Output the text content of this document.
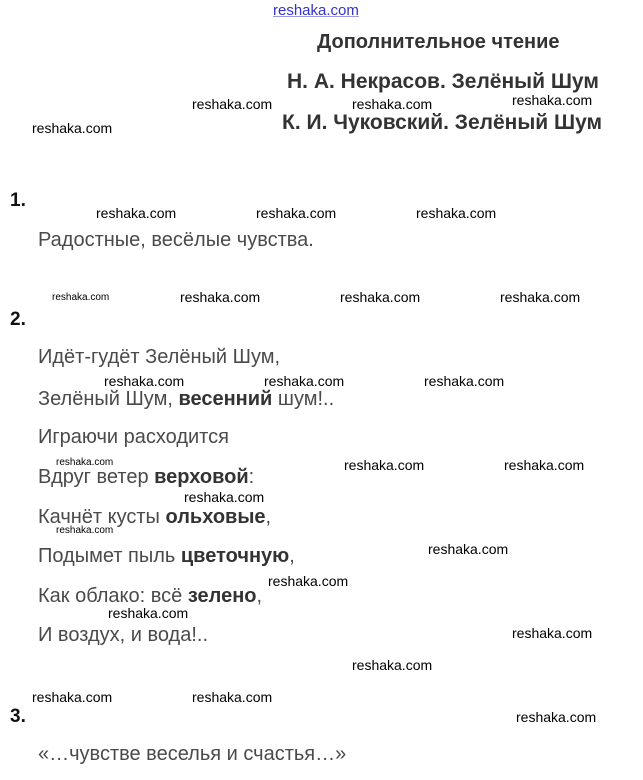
reshaka.com
Дополнительное чтение
Н. А. Некрасов. Зелёный Шум
К. И. Чуковский. Зелёный Шум
1.
Радостные, весёлые чувства.
2.
Идёт-гудёт Зелёный Шум,
Зелёный Шум, весенний шум!..
Играючи расходится
Вдруг ветер верховой:
Качнёт кусты ольховые,
Подымет пыль цветочную,
Как облако: всё зелено,
И воздух, и вода!..
3.
«…чувстве веселья и счастья…»
reshaka.com	reshaka.com	reshaka.com
reshaka.com
reshaka.com	reshaka.com	reshaka.com
reshaka.com	reshaka.com	reshaka.com	reshaka.com
reshaka.com	reshaka.com	reshaka.com
reshaka.com	reshaka.com	reshaka.com
reshaka.com
reshaka.com
reshaka.com
reshaka.com
reshaka.com
reshaka.com
reshaka.com
reshaka.com	reshaka.com
reshaka.com
